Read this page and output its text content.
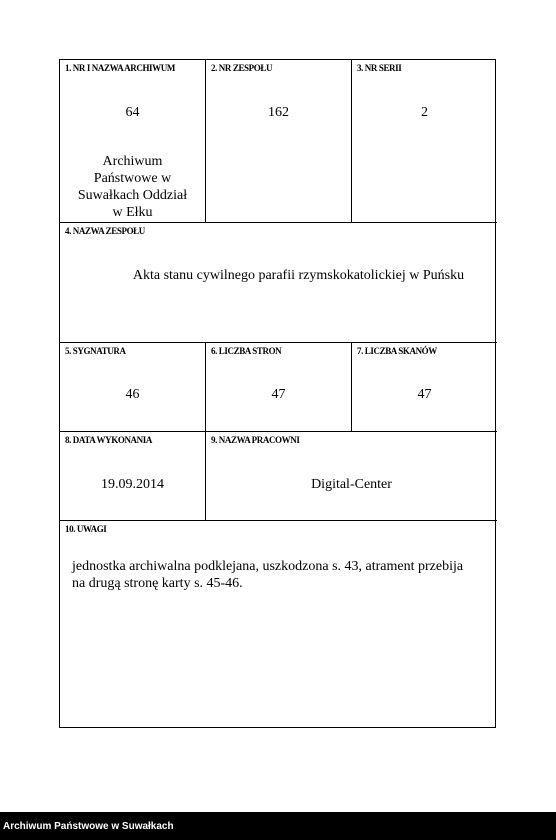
1. NR I NAZWA ARCHIWUM
64
Archiwum
Państwowe w
Suwałkach Oddział
w Ełku
2. NR ZESPOŁU
162
3. NR SERII
2
4. NAZWA ZESPOŁU
Akta stanu cywilnego parafii rzymskokatolickiej w Puńsku
5. SYGNATURA
46
6. LICZBA STRON
47
7. LICZBA SKANÓW
47
8. DATA WYKONANIA
19.09.2014
9. NAZWA PRACOWNI
Digital-Center
10. UWAGI
jednostka archiwalna podklejana, uszkodzona s. 43, atrament przebija
na drugą stronę karty s. 45-46.
Archiwum Państwowe w Suwałkach
